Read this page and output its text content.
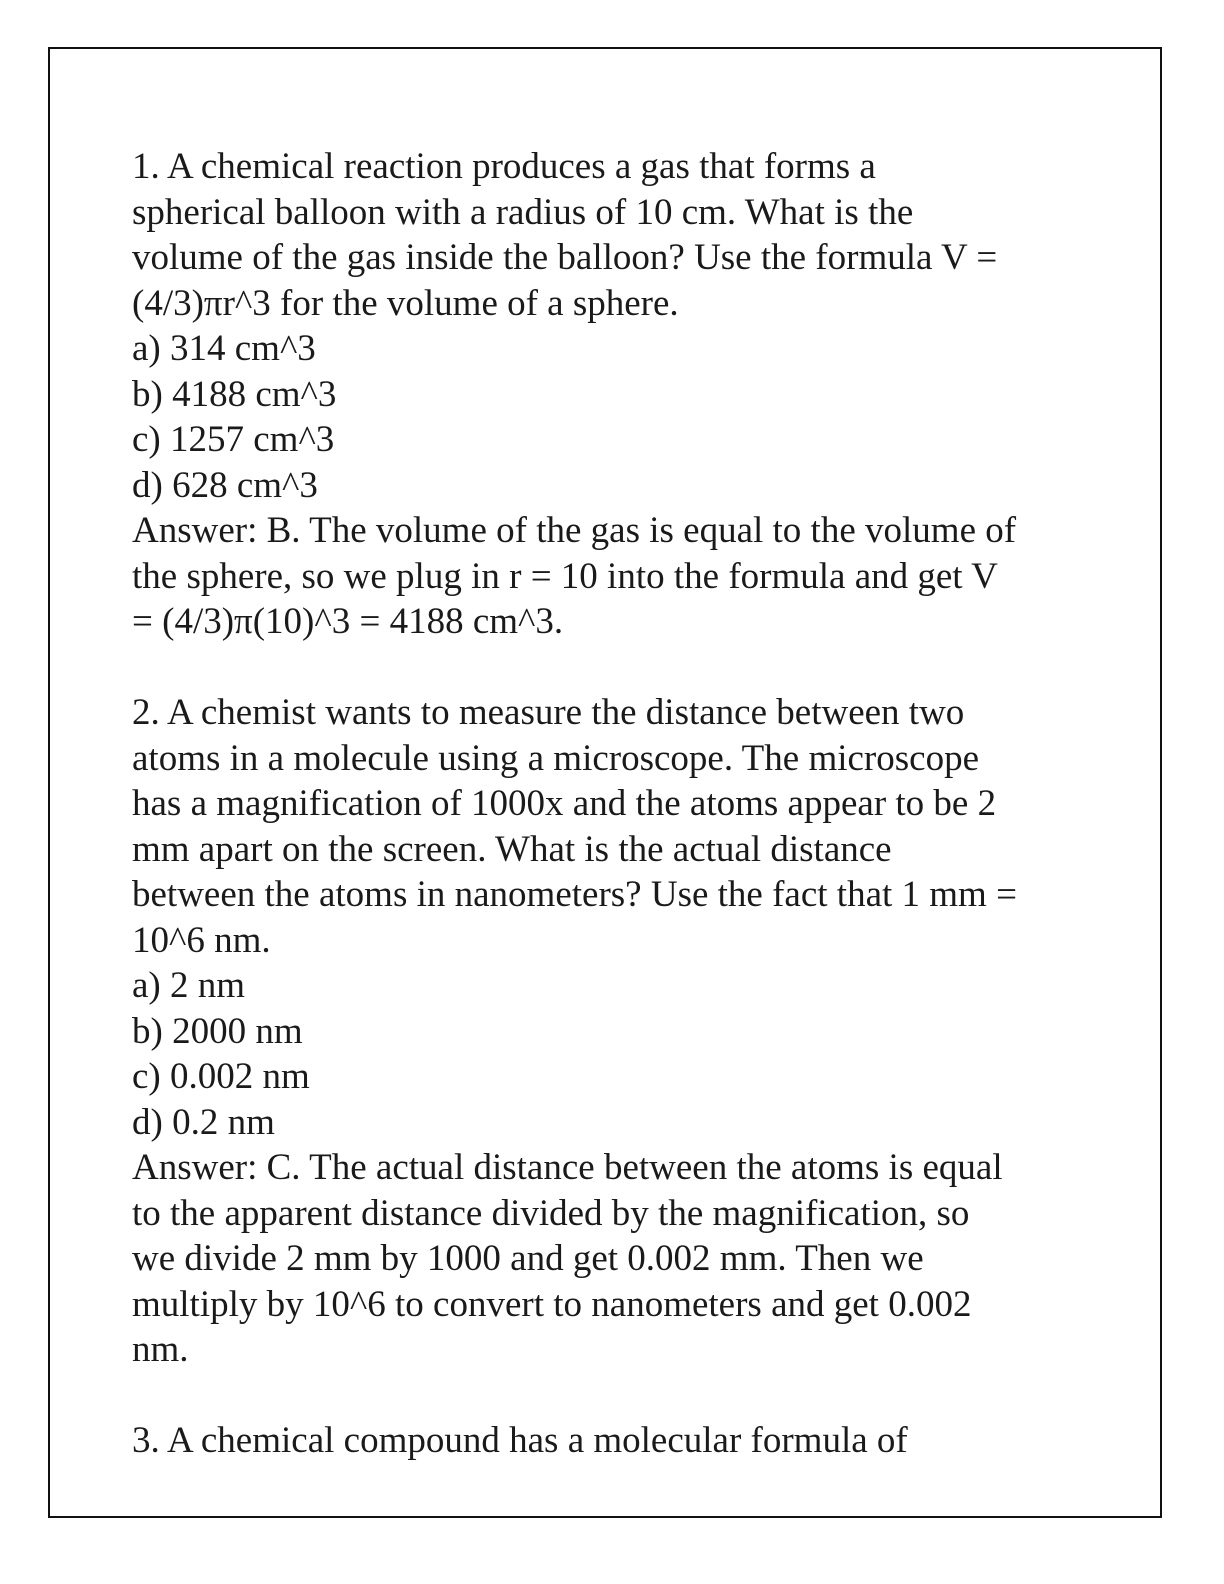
1. A chemical reaction produces a gas that forms a
spherical balloon with a radius of 10 cm. What is the
volume of the gas inside the balloon? Use the formula V =
(4/3)πr^3 for the volume of a sphere.
a) 314 cm^3
b) 4188 cm^3
c) 1257 cm^3
d) 628 cm^3
Answer: B. The volume of the gas is equal to the volume of
the sphere, so we plug in r = 10 into the formula and get V
= (4/3)π(10)^3 = 4188 cm^3.
2. A chemist wants to measure the distance between two
atoms in a molecule using a microscope. The microscope
has a magnification of 1000x and the atoms appear to be 2
mm apart on the screen. What is the actual distance
between the atoms in nanometers? Use the fact that 1 mm =
10^6 nm.
a) 2 nm
b) 2000 nm
c) 0.002 nm
d) 0.2 nm
Answer: C. The actual distance between the atoms is equal
to the apparent distance divided by the magnification, so
we divide 2 mm by 1000 and get 0.002 mm. Then we
multiply by 10^6 to convert to nanometers and get 0.002
nm.
3. A chemical compound has a molecular formula of
